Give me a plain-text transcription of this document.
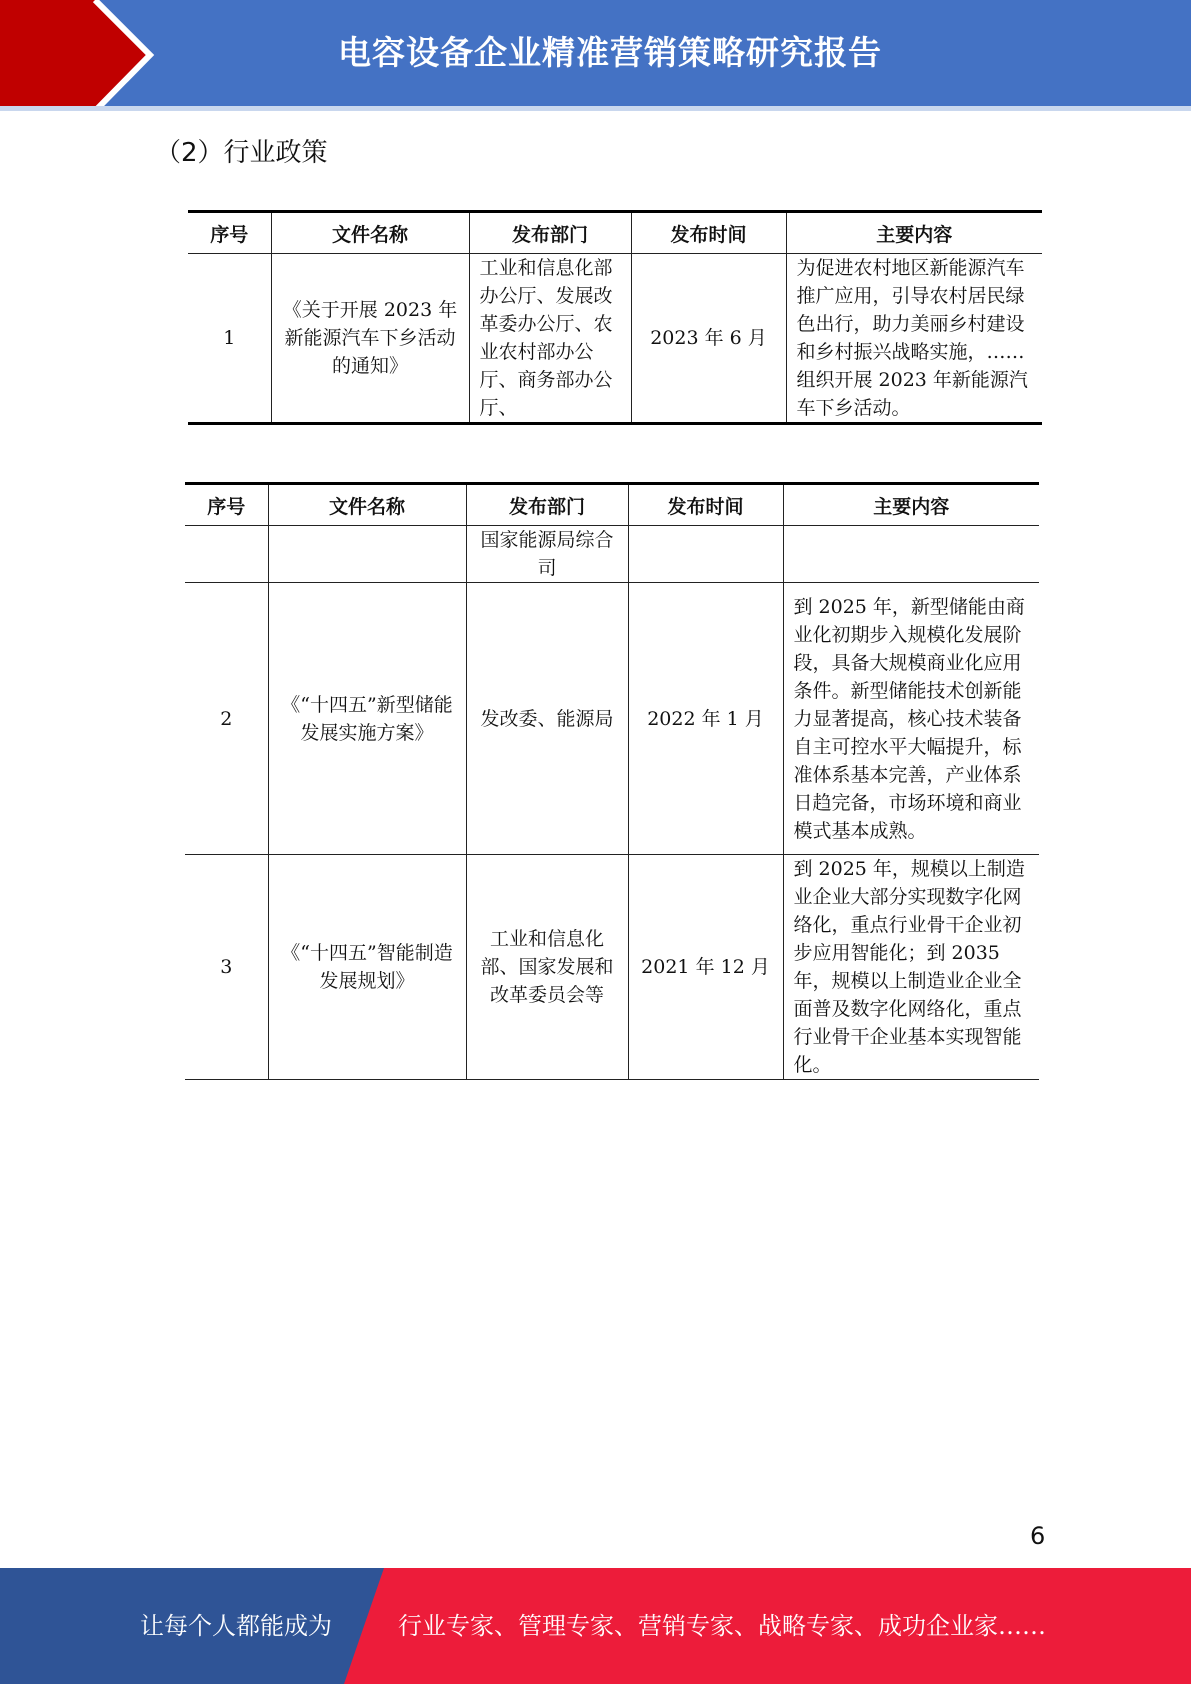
电容设备企业精准营销策略研究报告
（2）行业政策
序号	文件名称	发布部门	发布时间	主要内容

1	《关于开展 2023 年新能源汽车下乡活动的通知》	工业和信息化部办公厅、发展改革委办公厅、农业农村部办公厅、商务部办公厅、	2023 年 6 月	为促进农村地区新能源汽车推广应用，引导农村居民绿色出行，助力美丽乡村建设和乡村振兴战略实施，……组织开展 2023 年新能源汽车下乡活动。
序号	文件名称	发布部门	发布时间	主要内容

		国家能源局综合司		

2	《“十四五”新型储能发展实施方案》	发改委、能源局	2022 年 1 月	到 2025 年，新型储能由商业化初期步入规模化发展阶段，具备大规模商业化应用条件。新型储能技术创新能力显著提高，核心技术装备自主可控水平大幅提升，标准体系基本完善，产业体系日趋完备，市场环境和商业模式基本成熟。

3	《“十四五”智能制造发展规划》	工业和信息化部、国家发展和改革委员会等	2021 年 12 月	到 2025 年，规模以上制造业企业大部分实现数字化网络化，重点行业骨干企业初步应用智能化；到 2035 年，规模以上制造业企业全面普及数字化网络化，重点行业骨干企业基本实现智能化。
6
让每个人都能成为	行业专家、管理专家、营销专家、战略专家、成功企业家……
